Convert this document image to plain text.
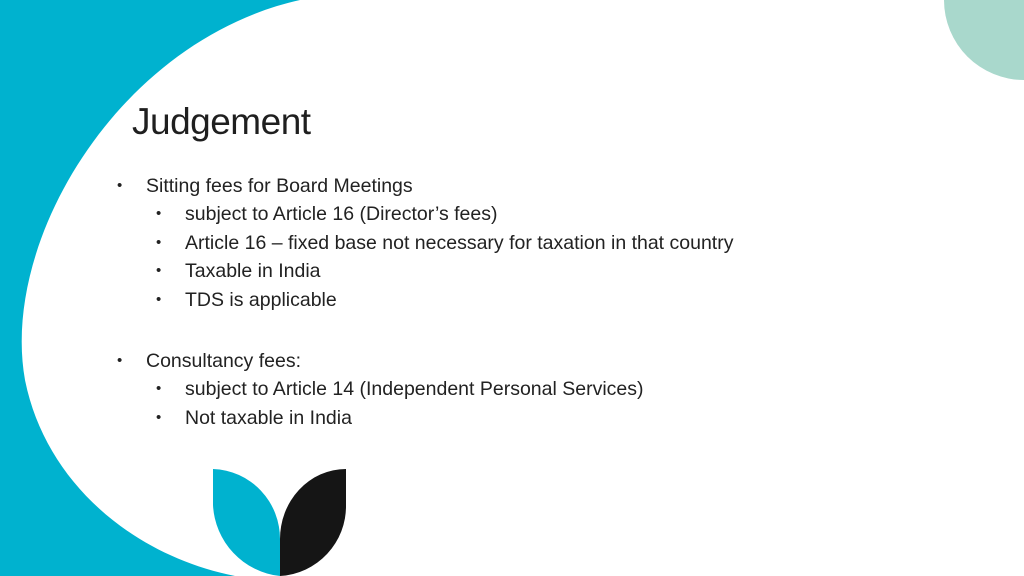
Judgement
• Sitting fees for Board Meetings
• subject to Article 16 (Director’s fees)
• Article 16 – fixed base not necessary for taxation in that country
• Taxable in India
• TDS is applicable
• Consultancy fees:
• subject to Article 14 (Independent Personal Services)
• Not taxable in India
